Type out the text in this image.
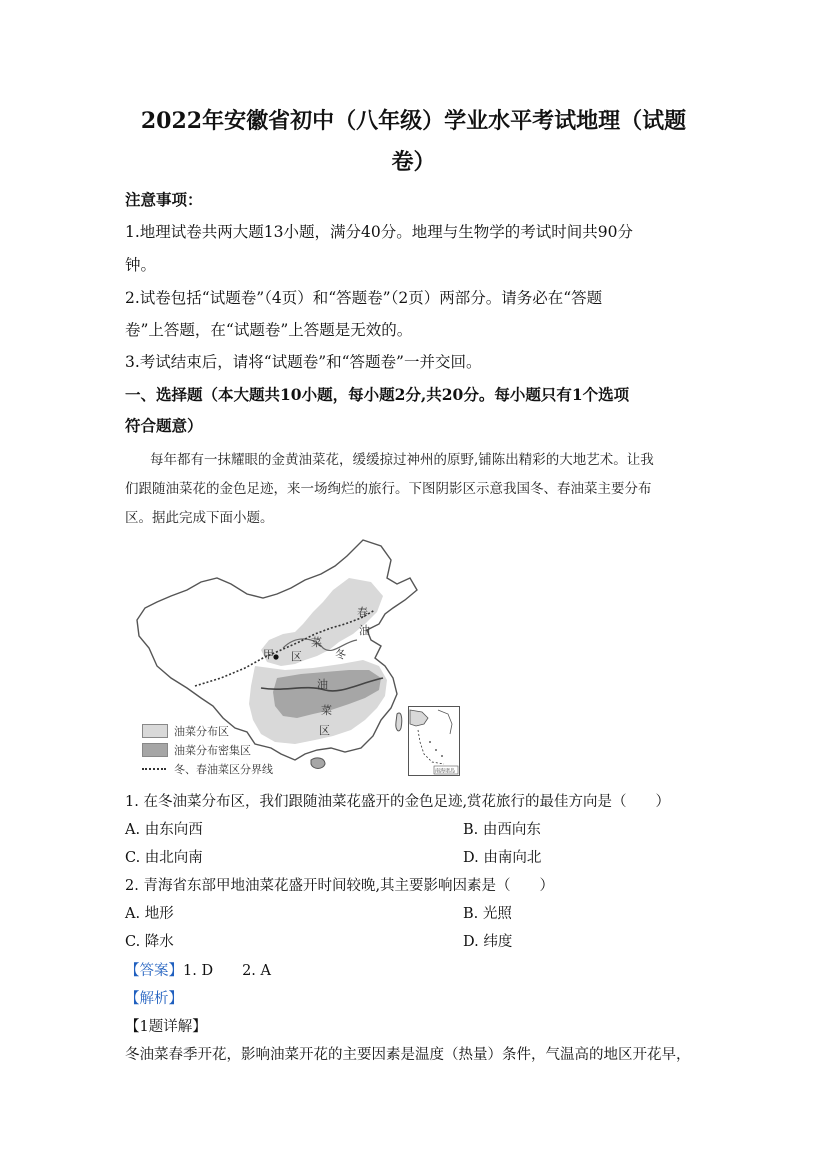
2022年安徽省初中（八年级）学业水平考试地理（试题
卷）
注意事项：
1.地理试卷共两大题13小题，满分40分。地理与生物学的考试时间共90分
钟。
2.试卷包括“试题卷”（4页）和“答题卷”（2页）两部分。请务必在“答题
卷”上答题，在“试题卷”上答题是无效的。
3.考试结束后，请将“试题卷”和“答题卷”一并交回。
一、选择题（本大题共10小题，每小题2分,共20分。每小题只有1个选项
符合题意）
每年都有一抹耀眼的金黄油菜花，缓缓掠过神州的原野,铺陈出精彩的大地艺术。让我
们跟随油菜花的金色足迹，来一场绚烂的旅行。下图阴影区示意我国冬、春油菜主要分布
区。据此完成下面小题。
春
油
菜
区
甲	冬
油
菜
区
油菜分布区
油菜分布密集区
冬、春油菜区分界线	南海诸岛
1. 在冬油菜分布区，我们跟随油菜花盛开的金色足迹,赏花旅行的最佳方向是（　　）
A. 由东向西	B. 由西向东
C. 由北向南	D. 由南向北
2. 青海省东部甲地油菜花盛开时间较晚,其主要影响因素是（　　）
A. 地形	B. 光照
C. 降水	D. 纬度
【答案】1. D　　2. A
【解析】
【1题详解】
冬油菜春季开花，影响油菜开花的主要因素是温度（热量）条件，气温高的地区开花早，
